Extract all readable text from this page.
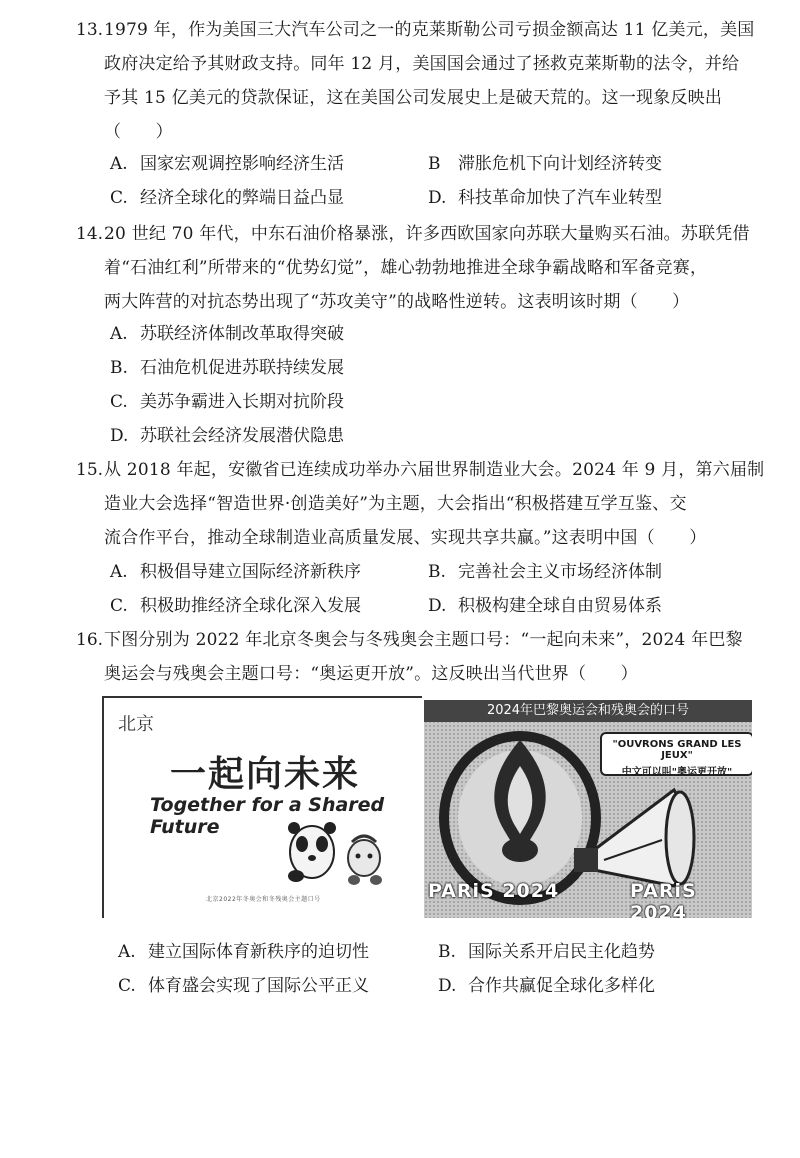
13. 1979 年，作为美国三大汽车公司之一的克莱斯勒公司亏损金额高达 11 亿美元，美国
政府决定给予其财政支持。同年 12 月，美国国会通过了拯救克莱斯勒的法令，并给
予其 15 亿美元的贷款保证，这在美国公司发展史上是破天荒的。这一现象反映出
（　　）
A. 国家宏观调控影响经济生活	B 滞胀危机下向计划经济转变
C. 经济全球化的弊端日益凸显	D. 科技革命加快了汽车业转型
14. 20 世纪 70 年代，中东石油价格暴涨，许多西欧国家向苏联大量购买石油。苏联凭借
着“石油红利”所带来的“优势幻觉”，雄心勃勃地推进全球争霸战略和军备竞赛，
两大阵营的对抗态势出现了“苏攻美守”的战略性逆转。这表明该时期（　　）
A. 苏联经济体制改革取得突破
B. 石油危机促进苏联持续发展
C. 美苏争霸进入长期对抗阶段
D. 苏联社会经济发展潜伏隐患
15. 从 2018 年起，安徽省已连续成功举办六届世界制造业大会。2024 年 9 月，第六届制
造业大会选择“智造世界·创造美好”为主题，大会指出“积极搭建互学互鉴、交
流合作平台，推动全球制造业高质量发展、实现共享共赢。”这表明中国（　　）
A. 积极倡导建立国际经济新秩序	B. 完善社会主义市场经济体制
C. 积极助推经济全球化深入发展	D. 积极构建全球自由贸易体系
16. 下图分别为 2022 年北京冬奥会与冬残奥会主题口号：“一起向未来”，2024 年巴黎
奥运会与残奥会主题口号：“奥运更开放”。这反映出当代世界（　　）
北京
一起向未来
Together for a Shared Future
北京2022年冬奥会和冬残奥会主题口号
2024年巴黎奥运会和残奥会的口号
"OUVRONS GRAND LES JEUX"
中文可以叫"奥运更开放"
PARiS 2024	PARiS 2024
A. 建立国际体育新秩序的迫切性	B. 国际关系开启民主化趋势
C. 体育盛会实现了国际公平正义	D. 合作共赢促全球化多样化
